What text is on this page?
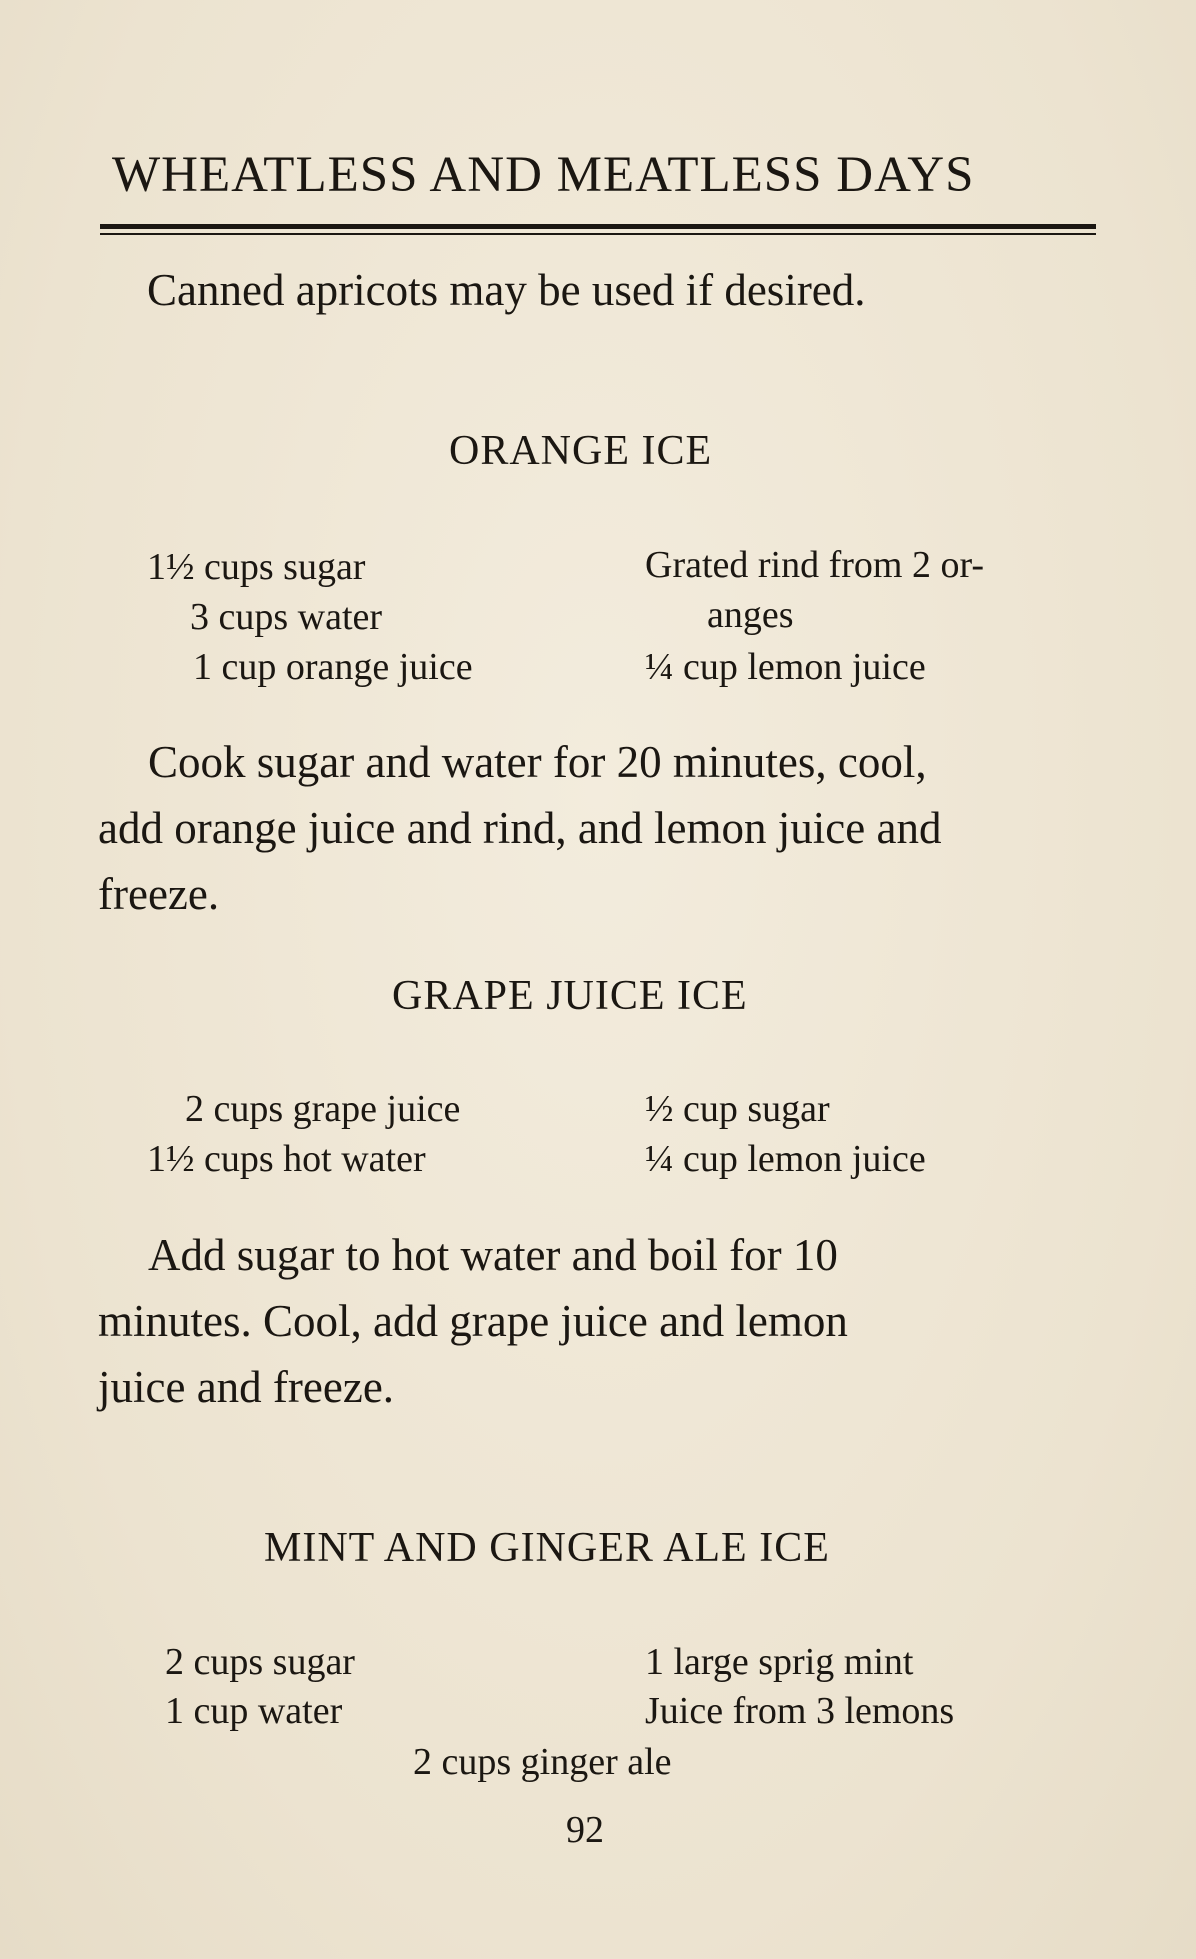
WHEATLESS AND MEATLESS DAYS
Canned apricots may be used if desired.
ORANGE ICE
1½ cups sugar
3 cups water
1 cup orange juice
Grated rind from 2 or-
anges
¼ cup lemon juice
Cook sugar and water for 20 minutes, cool,
add orange juice and rind, and lemon juice and
freeze.
GRAPE JUICE ICE
2 cups grape juice
1½ cups hot water
½ cup sugar
¼ cup lemon juice
Add sugar to hot water and boil for 10
minutes. Cool, add grape juice and lemon
juice and freeze.
MINT AND GINGER ALE ICE
2 cups sugar
1 cup water
1 large sprig mint
Juice from 3 lemons
2 cups ginger ale
92
